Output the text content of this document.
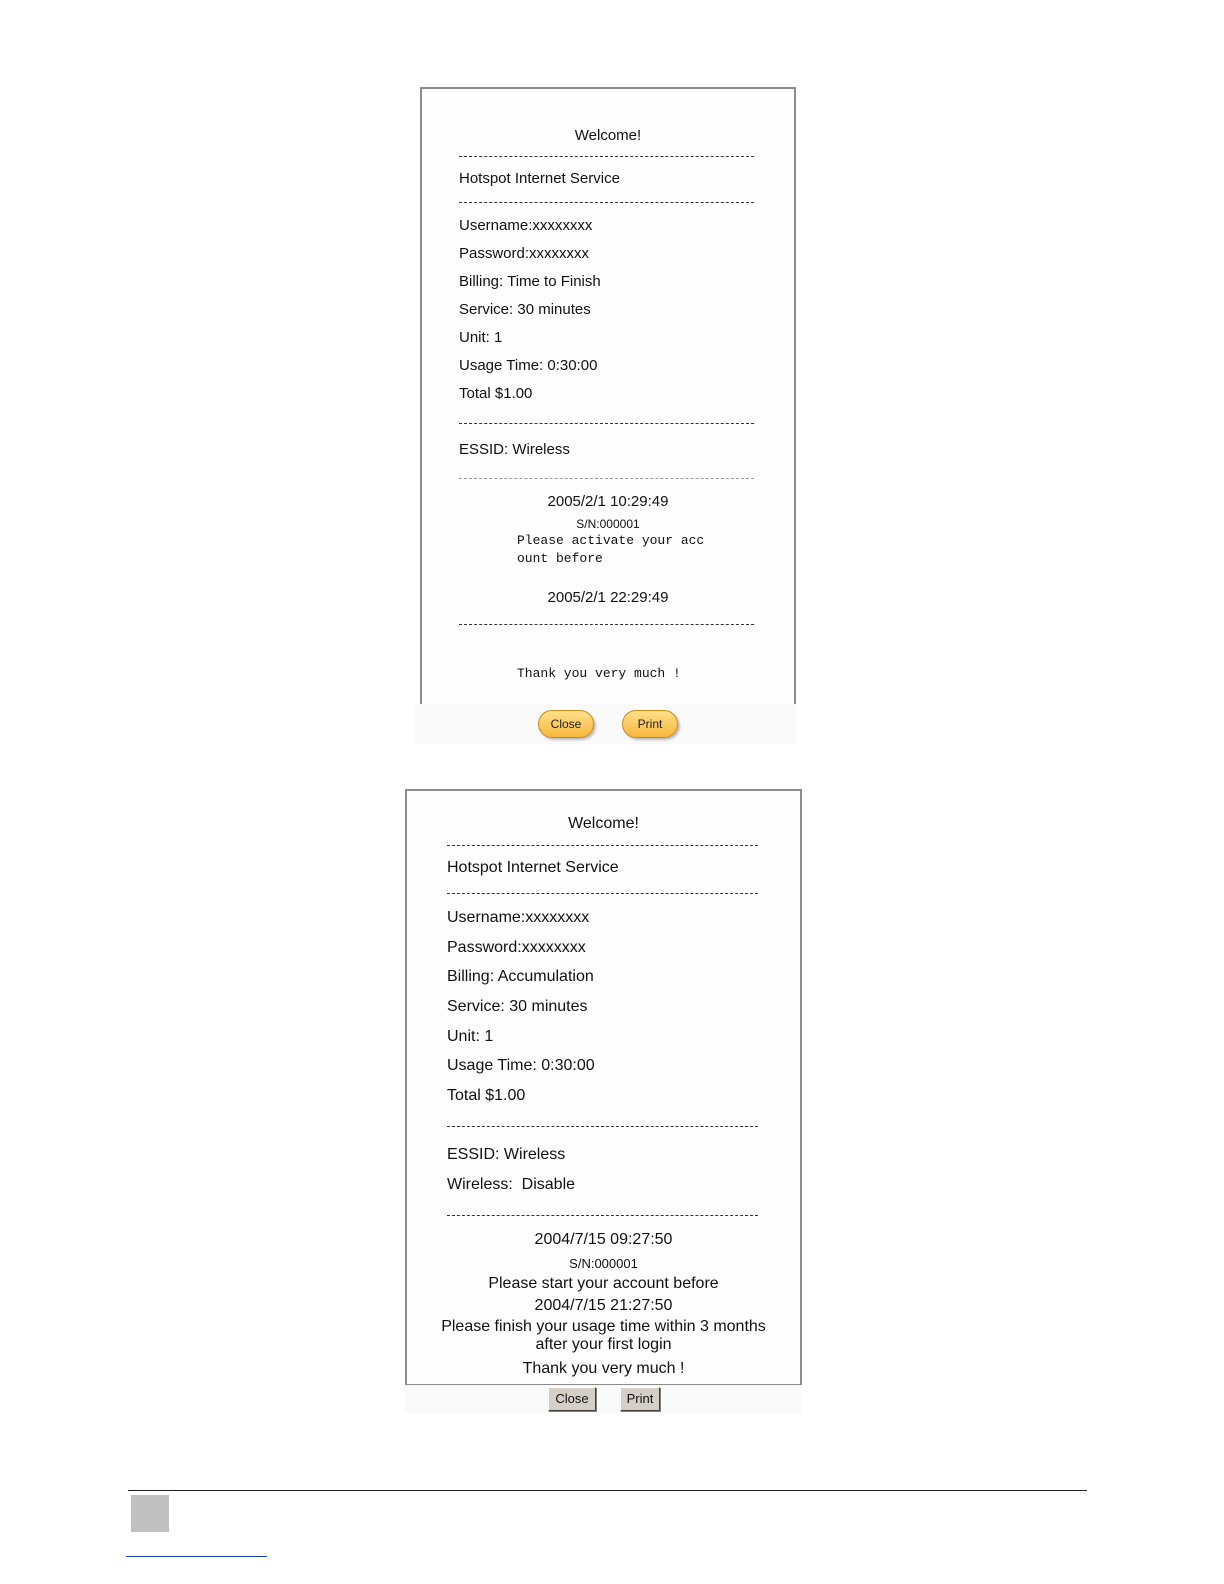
Welcome!
Hotspot Internet Service
Username:xxxxxxxx
Password:xxxxxxxx
Billing: Time to Finish
Service: 30 minutes
Unit: 1
Usage Time: 0:30:00
Total $1.00
ESSID: Wireless
2005/2/1 10:29:49
S/N:000001
Please activate your acc
ount before
2005/2/1 22:29:49
Thank you very much !
Close	Print
Welcome!
Hotspot Internet Service
Username:xxxxxxxx
Password:xxxxxxxx
Billing: Accumulation
Service: 30 minutes
Unit: 1
Usage Time: 0:30:00
Total $1.00
ESSID: Wireless
Wireless:  Disable
2004/7/15 09:27:50
S/N:000001
Please start your account before
2004/7/15 21:27:50
Please finish your usage time within 3 months
after your first login
Thank you very much !
Close	Print
